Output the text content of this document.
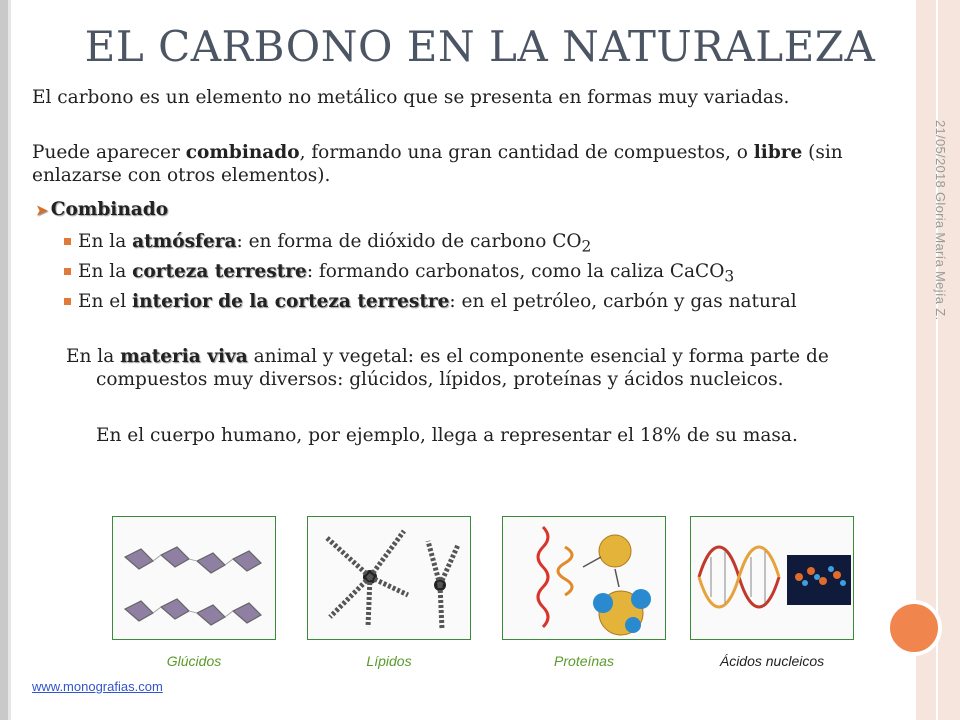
21/05/2018 Gloria María Mejía Z.
EL CARBONO EN LA NATURALEZA
El carbono es un elemento no metálico que se presenta en formas muy variadas.
Puede aparecer combinado, formando una gran cantidad de compuestos, o libre (sin enlazarse con otros elementos).
➤ Combinado
En la atmósfera: en forma de dióxido de carbono $CO_2$
En la corteza terrestre: formando carbonatos, como la caliza CaCO$_3$
En el interior de la corteza terrestre: en el petróleo, carbón y gas natural
En la materia viva animal y vegetal: es el componente esencial y forma parte de compuestos muy diversos: glúcidos, lípidos, proteínas y ácidos nucleicos.
En el cuerpo humano, por ejemplo, llega a representar el 18% de su masa.
Glúcidos	Lípidos	Proteínas	Ácidos nucleicos
www.monografias.com
